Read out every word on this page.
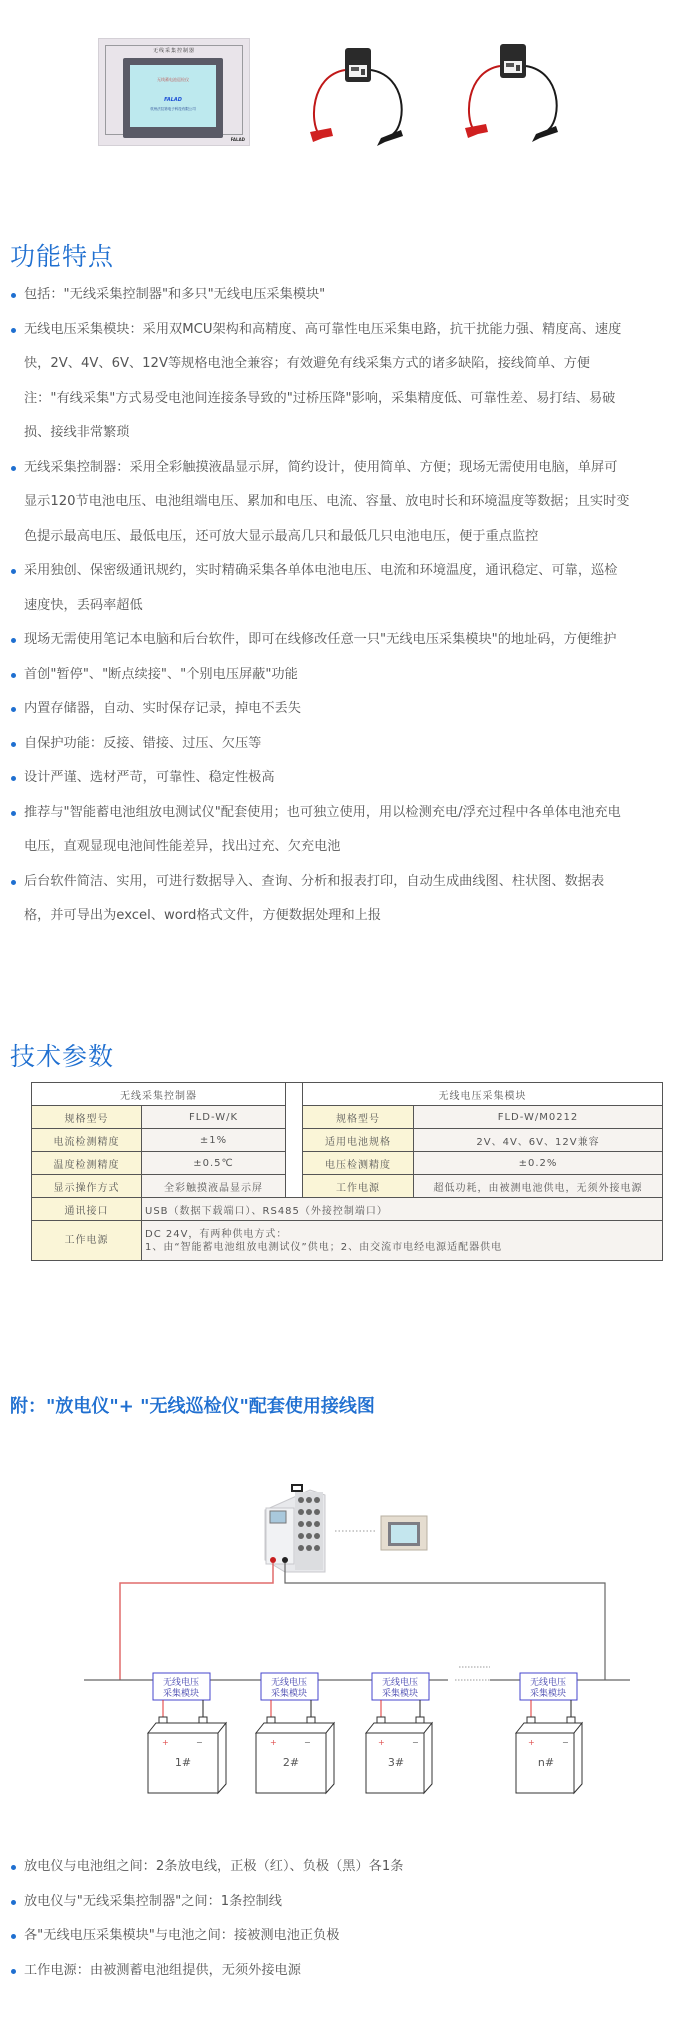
无线采集控制器
无线蓄电池巡检仪
FALAD
杭州法拉第电子科技有限公司
FALAD
功能特点
包括："无线采集控制器"和多只"无线电压采集模块"
无线电压采集模块：采用双MCU架构和高精度、高可靠性电压采集电路，抗干扰能力强、精度高、速度
快，2V、4V、6V、12V等规格电池全兼容；有效避免有线采集方式的诸多缺陷，接线简单、方便
注："有线采集"方式易受电池间连接条导致的"过桥压降"影响，采集精度低、可靠性差、易打结、易破
损、接线非常繁琐
无线采集控制器：采用全彩触摸液晶显示屏，简约设计，使用简单、方便；现场无需使用电脑，单屏可
显示120节电池电压、电池组端电压、累加和电压、电流、容量、放电时长和环境温度等数据；且实时变
色提示最高电压、最低电压，还可放大显示最高几只和最低几只电池电压，便于重点监控
采用独创、保密级通讯规约，实时精确采集各单体电池电压、电流和环境温度，通讯稳定、可靠，巡检
速度快，丢码率超低
现场无需使用笔记本电脑和后台软件，即可在线修改任意一只"无线电压采集模块"的地址码，方便维护
首创"暂停"、"断点续接"、"个别电压屏蔽"功能
内置存储器，自动、实时保存记录，掉电不丢失
自保护功能：反接、错接、过压、欠压等
设计严谨、选材严苛，可靠性、稳定性极高
推荐与"智能蓄电池组放电测试仪"配套使用；也可独立使用，用以检测充电/浮充过程中各单体电池充电
电压，直观显现电池间性能差异，找出过充、欠充电池
后台软件简洁、实用，可进行数据导入、查询、分析和报表打印，自动生成曲线图、柱状图、数据表
格，并可导出为excel、word格式文件，方便数据处理和上报
技术参数
无线采集控制器			无线电压采集模块	
规格型号	FLD-W/K		规格型号	FLD-W/M0212
电流检测精度	±1%		适用电池规格	2V、4V、6V、12V兼容
温度检测精度	±0.5℃		电压检测精度	±0.2%
显示操作方式	全彩触摸液晶显示屏		工作电源	超低功耗，由被测电池供电，无须外接电源
通讯接口	USB（数据下载端口）、RS485（外接控制端口）			
工作电源	DC 24V，有两种供电方式：
1、由“智能蓄电池组放电测试仪”供电；2、由交流市电经电源适配器供电			
附："放电仪"+ "无线巡检仪"配套使用接线图
无线电压
采集模块
+	−
1#
无线电压
采集模块
+	−
2#
无线电压
采集模块
+	−
3#
无线电压
采集模块
+	−
n#
放电仪与电池组之间：2条放电线，正极（红）、负极（黑）各1条
放电仪与"无线采集控制器"之间：1条控制线
各"无线电压采集模块"与电池之间：接被测电池正负极
工作电源：由被测蓄电池组提供，无须外接电源
